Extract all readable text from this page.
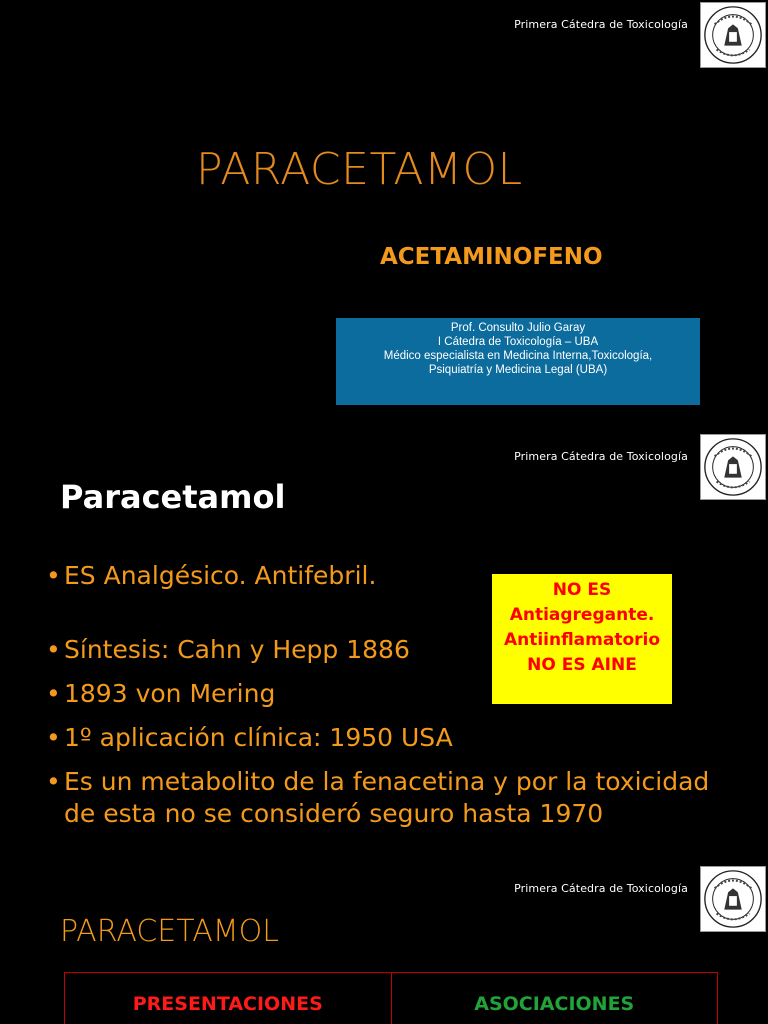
Primera Cátedra de Toxicología
PARACETAMOL
ACETAMINOFENO
Prof. Consulto Julio Garay
I Cátedra de Toxicología – UBA
Médico especialista en Medicina Interna,Toxicología,
Psiquiatría y Medicina Legal (UBA)
Primera Cátedra de Toxicología
Paracetamol
• ES Analgésico. Antifebril.
• Síntesis: Cahn y Hepp 1886
• 1893 von Mering
• 1º aplicación clínica: 1950 USA
• Es un metabolito de la fenacetina y por la toxicidad de esta no se consideró seguro hasta 1970
NO ES
Antiagregante.
Antiinflamatorio
NO ES AINE
Primera Cátedra de Toxicología
PARACETAMOL
PRESENTACIONES	ASOCIACIONES
